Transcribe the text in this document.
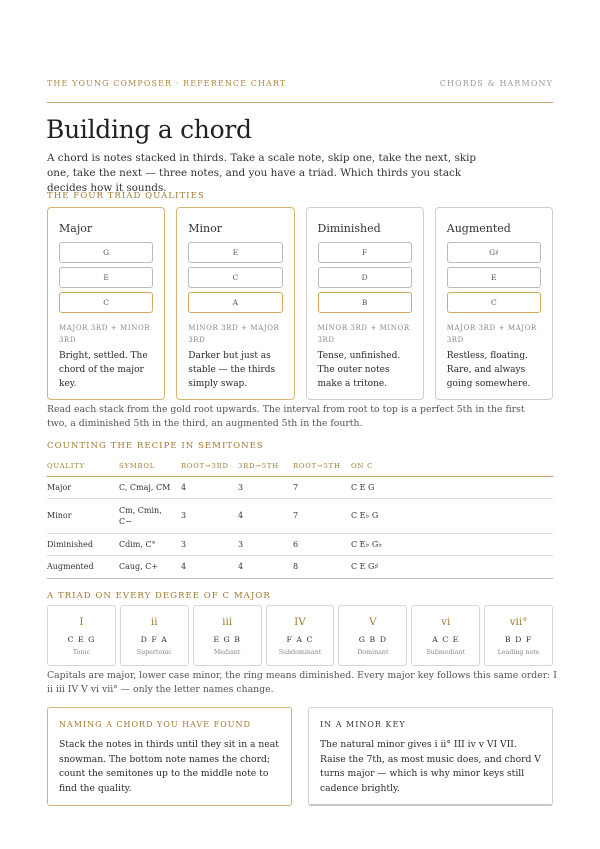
THE YOUNG COMPOSER · REFERENCE CHART	CHORDS & HARMONY
Building a chord

A chord is notes stacked in thirds. Take a scale note, skip one, take the next, skip one, take the next — three notes, and you have a triad. Which thirds you stack decides how it sounds.

THE FOUR TRIAD QUALITIES
Major
G
E
C
MAJOR 3RD + MINOR 3RD
Bright, settled. The chord of the major key.
Minor
E
C
A
MINOR 3RD + MAJOR 3RD
Darker but just as stable — the thirds simply swap.
Diminished
F
D
B
MINOR 3RD + MINOR 3RD
Tense, unfinished. The outer notes make a tritone.
Augmented
G♯
E
C
MAJOR 3RD + MAJOR 3RD
Restless, floating. Rare, and always going somewhere.

Read each stack from the gold root upwards. The interval from root to top is a perfect 5th in the first two, a diminished 5th in the third, an augmented 5th in the fourth.

COUNTING THE RECIPE IN SEMITONES
QUALITY	SYMBOL	ROOT→3RD	3RD→5TH	ROOT→5TH	ON C
Major	C, Cmaj, CM	4	3	7	C E G
Minor	Cm, Cmin, C−	3	4	7	C E♭ G
Diminished	Cdim, C°	3	3	6	C E♭ G♭
Augmented	Caug, C+	4	4	8	C E G♯
A TRIAD ON EVERY DEGREE OF C MAJOR
I
C E G
Tonic
ii
D F A
Supertonic
iii
E G B
Mediant
IV
F A C
Subdominant
V
G B D
Dominant
vi
A C E
Submediant
vii°
B D F
Leading note

Capitals are major, lower case minor, the ring means diminished. Every major key follows this same order: I ii iii IV V vi vii° — only the letter names change.

NAMING A CHORD YOU HAVE FOUND

Stack the notes in thirds until they sit in a neat snowman. The bottom note names the chord; count the semitones up to the middle note to find the quality.

IN A MINOR KEY

The natural minor gives i ii° III iv v VI VII. Raise the 7th, as most music does, and chord V turns major — which is why minor keys still cadence brightly.
